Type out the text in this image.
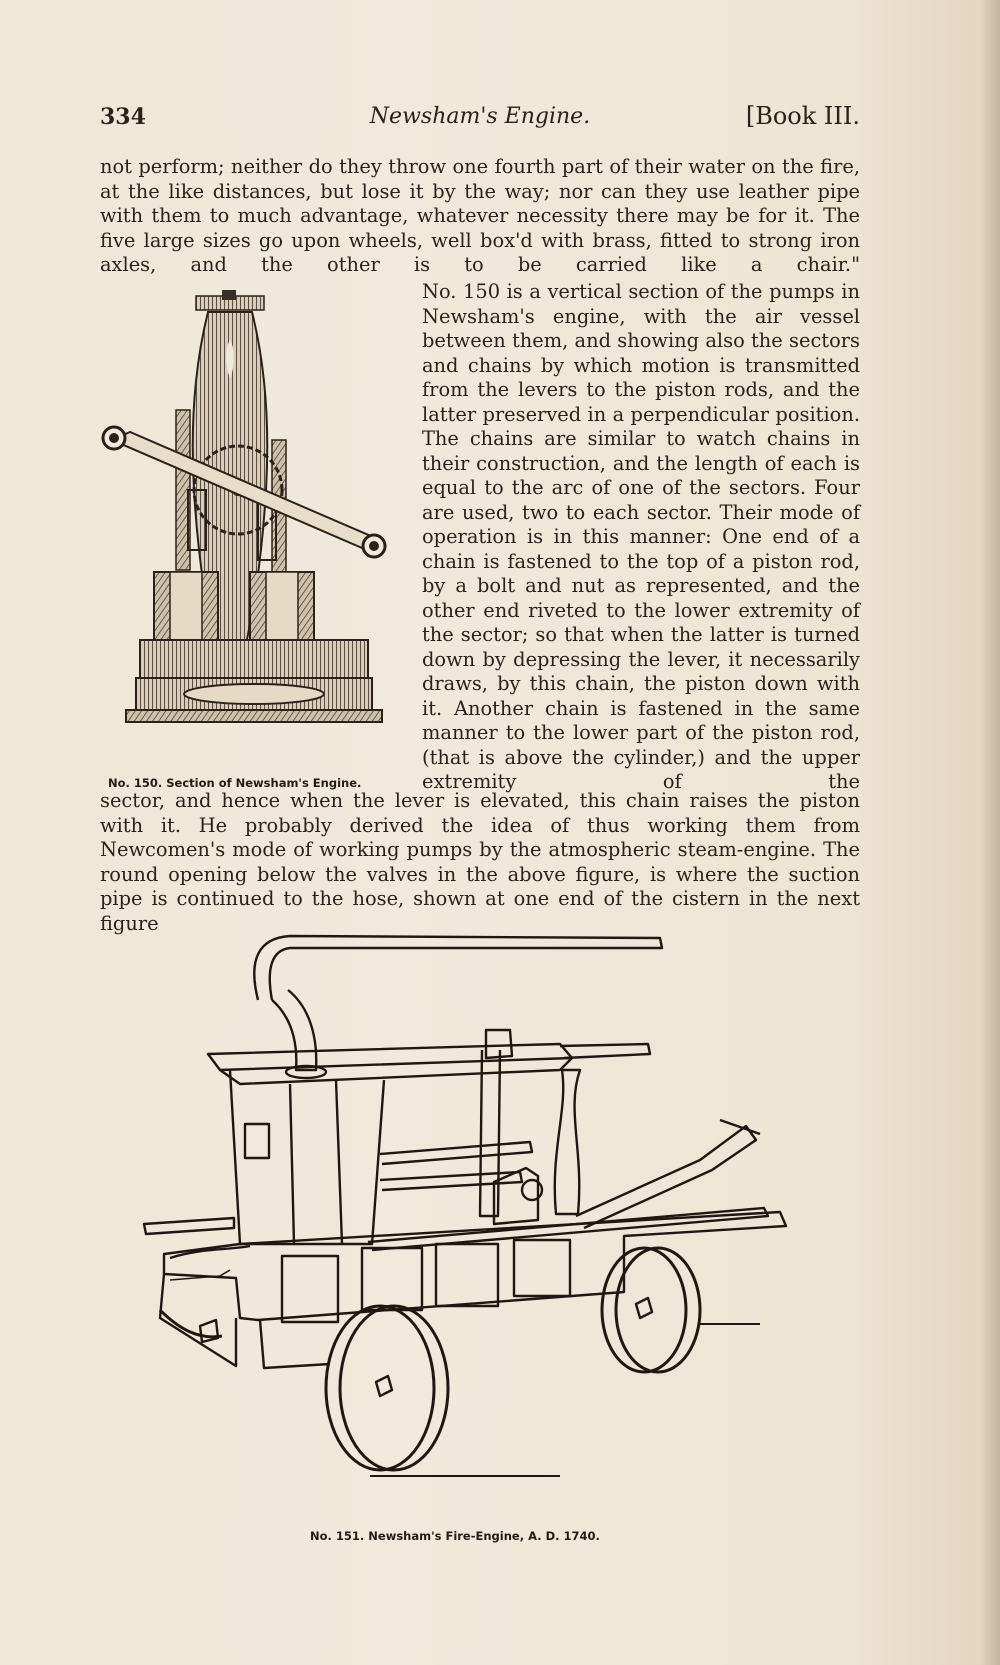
334	Newsham's Engine.	[Book III.

not perform; neither do they throw one fourth part of their water on the fire, at the like distances, but lose it by the way; nor can they use leather pipe with them to much advantage, whatever necessity there may be for it. The five large sizes go upon wheels, well box'd with brass, fitted to strong iron axles, and the other is to be carried like a chair."

No. 150 is a vertical section of the pumps in Newsham's engine, with the air vessel between them, and showing also the sectors and chains by which motion is transmitted from the levers to the piston rods, and the latter preserved in a perpendicular position. The chains are similar to watch chains in their construction, and the length of each is equal to the arc of one of the sectors. Four are used, two to each sector. Their mode of operation is in this manner: One end of a chain is fastened to the top of a piston rod, by a bolt and nut as represented, and the other end riveted to the lower extremity of the sector; so that when the latter is turned down by depressing the lever, it necessarily draws, by this chain, the piston down with it. Another chain is fastened in the same manner to the lower part of the piston rod, (that is above the cylinder,) and the upper extremity of the

No. 150. Section of Newsham's Engine.

sector, and hence when the lever is elevated, this chain raises the piston with it. He probably derived the idea of thus working them from Newcomen's mode of working pumps by the atmospheric steam-engine. The round opening below the valves in the above figure, is where the suction pipe is continued to the hose, shown at one end of the cistern in the next figure

No. 151. Newsham's Fire-Engine, A. D. 1740.
